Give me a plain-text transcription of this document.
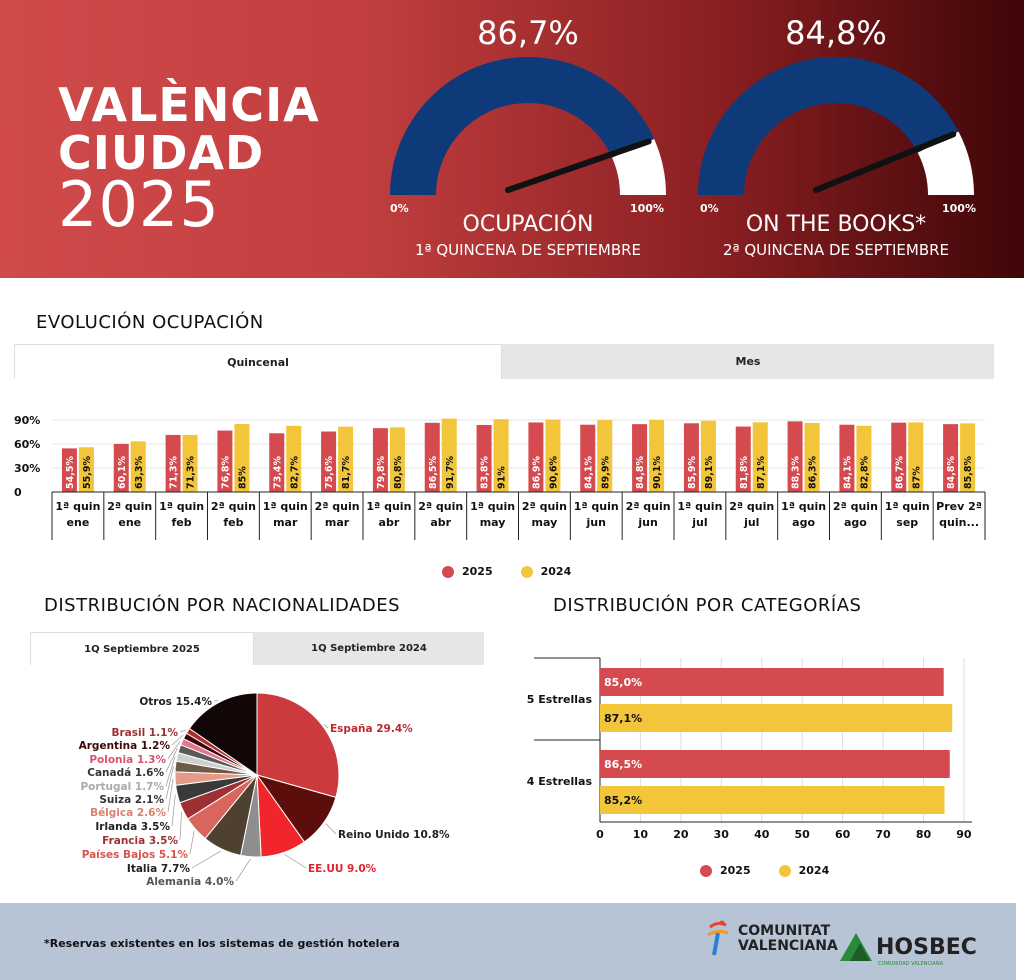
VALÈNCIA
CIUDAD
2025
86,7%
0%	100%
OCUPACIÓN
1ª QUINCENA DE SEPTIEMBRE
84,8%
0%	100%
ON THE BOOKS*
2ª QUINCENA DE SEPTIEMBRE
EVOLUCIÓN OCUPACIÓN
Quincenal	Mes
90%
60%
30%
0
54,5% 55,9%
1ª quin
ene
60,1% 63,3%
2ª quin
ene
71,3% 71,3%
1ª quin
feb
76,8% 85%
2ª quin
feb
73,4% 82,7%
1ª quin
mar
75,6% 81,7%
2ª quin
mar
79,8% 80,8%
1ª quin
abr
86,5% 91,7%
2ª quin
abr
83,8% 91%
1ª quin
may
86,9% 90,6%
2ª quin
may
84,1% 89,9%
1ª quin
jun
84,8% 90,1%
2ª quin
jun
85,9% 89,1%
1ª quin
jul
81,8% 87,1%
2ª quin
jul
88,3% 86,3%
1ª quin
ago
84,1% 82,8%
2ª quin
ago
86,7% 87%
1ª quin
sep
84,8% 85,8%
Prev 2ª
quin...
2025	2024
DISTRIBUCIÓN POR NACIONALIDADES
1Q Septiembre 2025	1Q Septiembre 2024
España 29.4%
Reino Unido 10.8%
EE.UU 9.0%
Alemania 4.0%
Italia 7.7%
Países Bajos 5.1%
Francia 3.5%
Irlanda 3.5%
Bélgica 2.6%
Suiza 2.1%
Portugal 1.7%
Canadá 1.6%
Polonia 1.3%
Argentina 1.2%
Brasil 1.1%
Otros 15.4%
DISTRIBUCIÓN POR CATEGORÍAS
0	10 20 30 40 50 60 70 80 90
5 Estrellas
85,0%
87,1%
4 Estrellas
86,5%
85,2%
2025	2024
*Reservas existentes en los sistemas de gestión hotelera
COMUNITAT
VALENCIANA HOSBEC
COMUNIDAD VALENCIANA
